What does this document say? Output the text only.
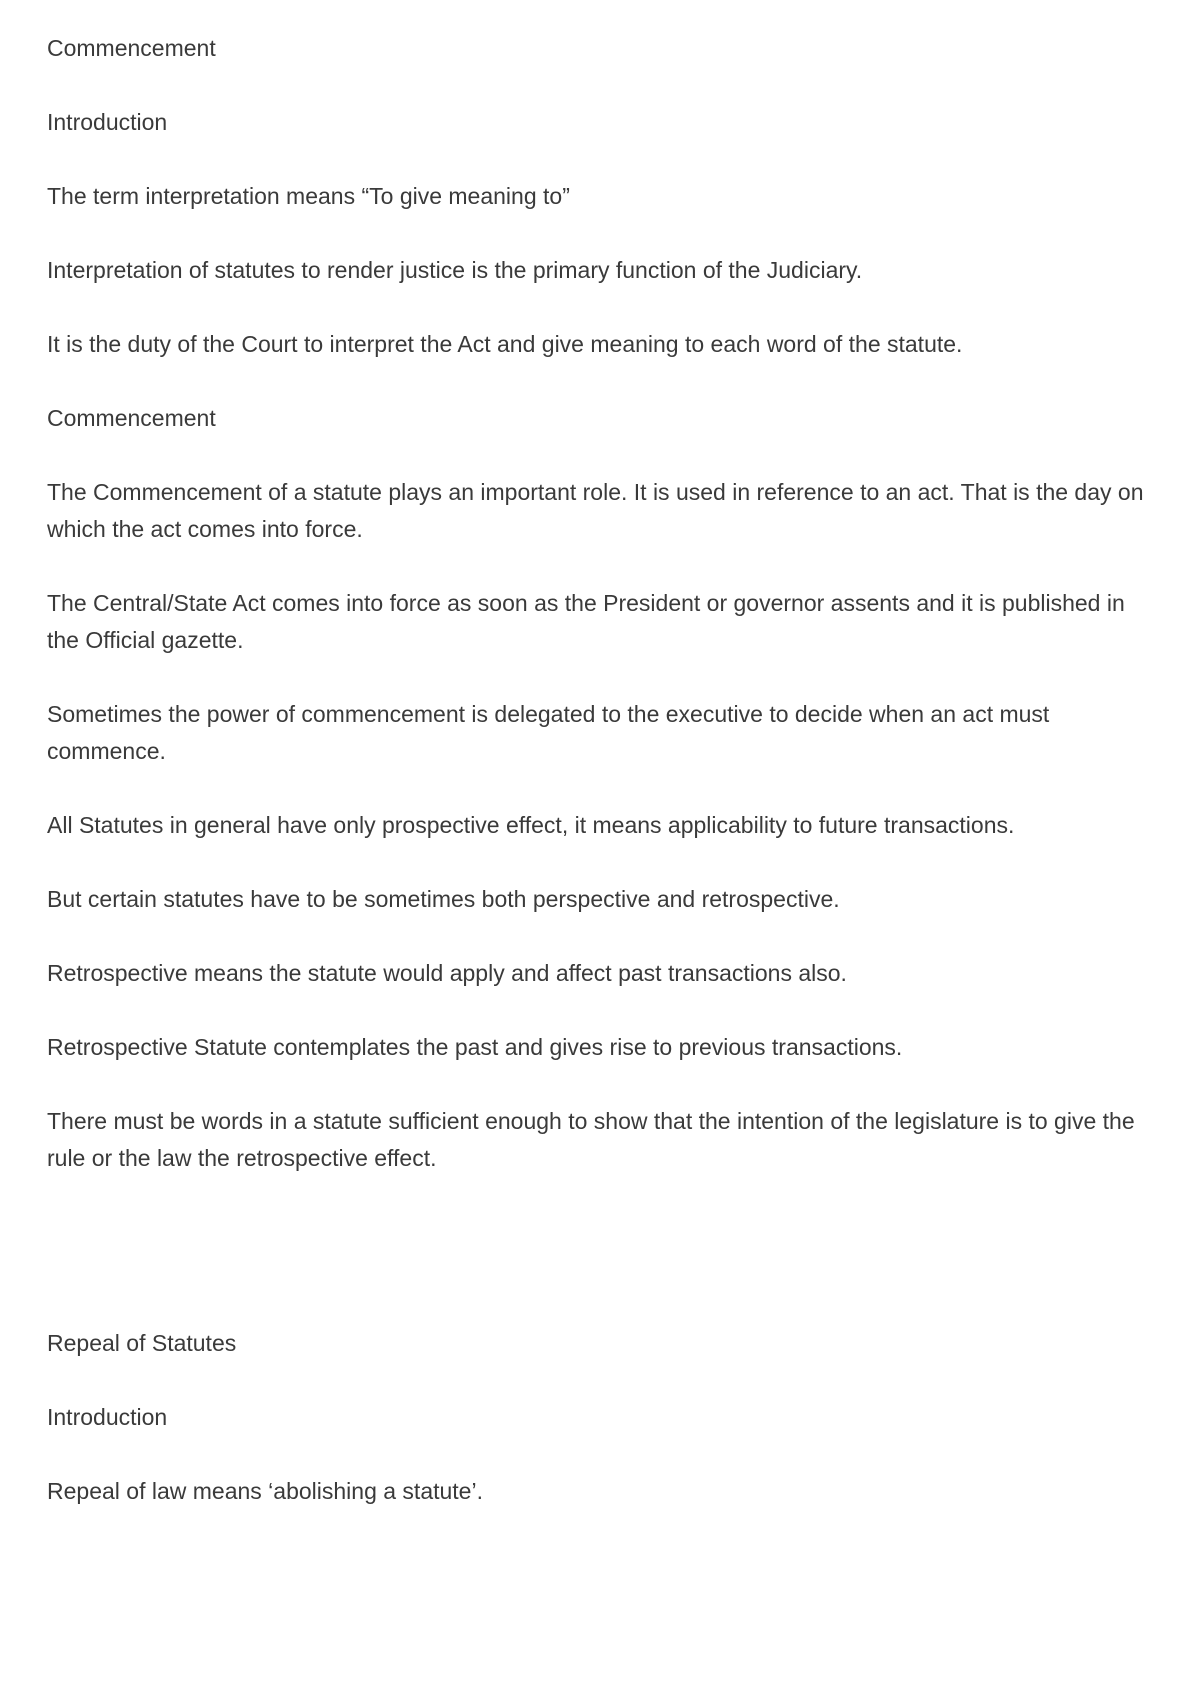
Commencement

Introduction

The term interpretation means “To give meaning to”

Interpretation of statutes to render justice is the primary function of the Judiciary.

It is the duty of the Court to interpret the Act and give meaning to each word of the statute.

Commencement

The Commencement of a statute plays an important role. It is used in reference to an act. That is the day on which the act comes into force.

The Central/State Act comes into force as soon as the President or governor assents and it is published in the Official gazette.

Sometimes the power of commencement is delegated to the executive to decide when an act must commence.

All Statutes in general have only prospective effect, it means applicability to future transactions.

But certain statutes have to be sometimes both perspective and retrospective.

Retrospective means the statute would apply and affect past transactions also.

Retrospective Statute contemplates the past and gives rise to previous transactions.

There must be words in a statute sufficient enough to show that the intention of the legislature is to give the rule or the law the retrospective effect.

Repeal of Statutes

Introduction

Repeal of law means ‘abolishing a statute’.
